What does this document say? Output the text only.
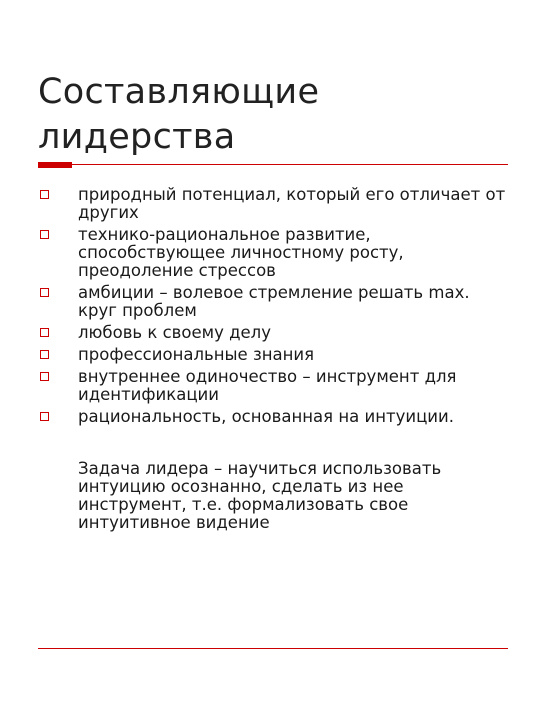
Составляющие лидерства
природный потенциал, который его отличает от других
технико-рациональное развитие, способствующее личностному росту, преодоление стрессов
амбиции – волевое стремление решать max. круг проблем
любовь к своему делу
профессиональные знания
внутреннее одиночество – инструмент для идентификации
рациональность, основанная на интуиции.

Задача лидера – научиться использовать интуицию осознанно, сделать из нее инструмент, т.е. формализовать свое интуитивное видение
